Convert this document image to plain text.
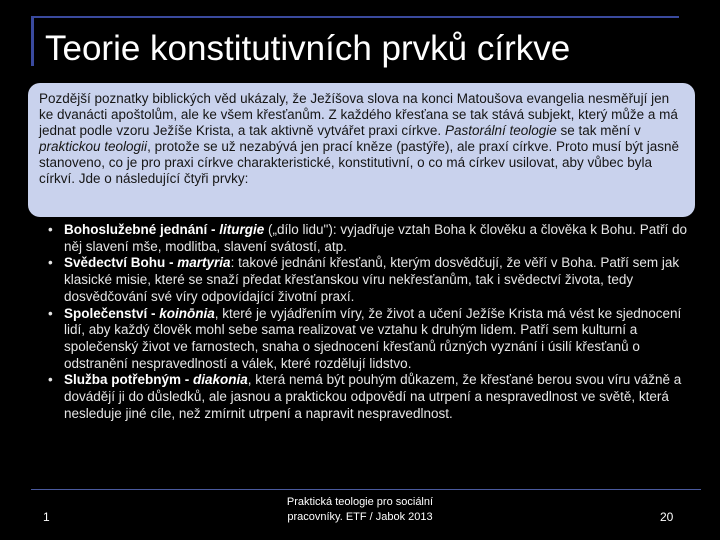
Teorie konstitutivních prvků církve

Pozdější poznatky biblických věd ukázaly, že Ježíšova slova na konci Matoušova evangelia nesměřují jen ke dvanácti apoštolům, ale ke všem křesťanům. Z každého křesťana se tak stává subjekt, který může a má jednat podle vzoru Ježíše Krista, a tak aktivně vytvářet praxi církve. Pastorální teologie se tak mění v praktickou teologii, protože se už nezabývá jen prací kněze (pastýře), ale praxí církve. Proto musí být jasně stanoveno, co je pro praxi církve charakteristické, konstitutivní, o co má církev usilovat, aby vůbec byla církví. Jde o následující čtyři prvky:

• Bohoslužebné jednání - liturgie („dílo lidu"): vyjadřuje vztah Boha k člověku a člověka k Bohu. Patří do něj slavení mše, modlitba, slavení svátostí, atp.
• Svědectví Bohu - martyria: takové jednání křesťanů, kterým dosvědčují, že věří v Boha. Patří sem jak klasické misie, které se snaží předat křesťanskou víru nekřesťanům, tak i svědectví života, tedy dosvědčování své víry odpovídající životní praxí.
• Společenství - koinōnia, které je vyjádřením víry, že život a učení Ježíše Krista má vést ke sjednocení lidí, aby každý člověk mohl sebe sama realizovat ve vztahu k druhým lidem. Patří sem kulturní a společenský život ve farnostech, snaha o sjednocení křesťanů různých vyznání i úsilí křesťanů o odstranění nespravedlností a válek, které rozdělují lidstvo.
• Služba potřebným - diakonia, která nemá být pouhým důkazem, že křesťané berou svou víru vážně a dovádějí ji do důsledků, ale jasnou a praktickou odpovědí na utrpení a nespravedlnost ve světě, která nesleduje jiné cíle, než zmírnit utrpení a napravit nespravedlnost.
1
Praktická teologie pro sociální
pracovníky. ETF / Jabok 2013	20
